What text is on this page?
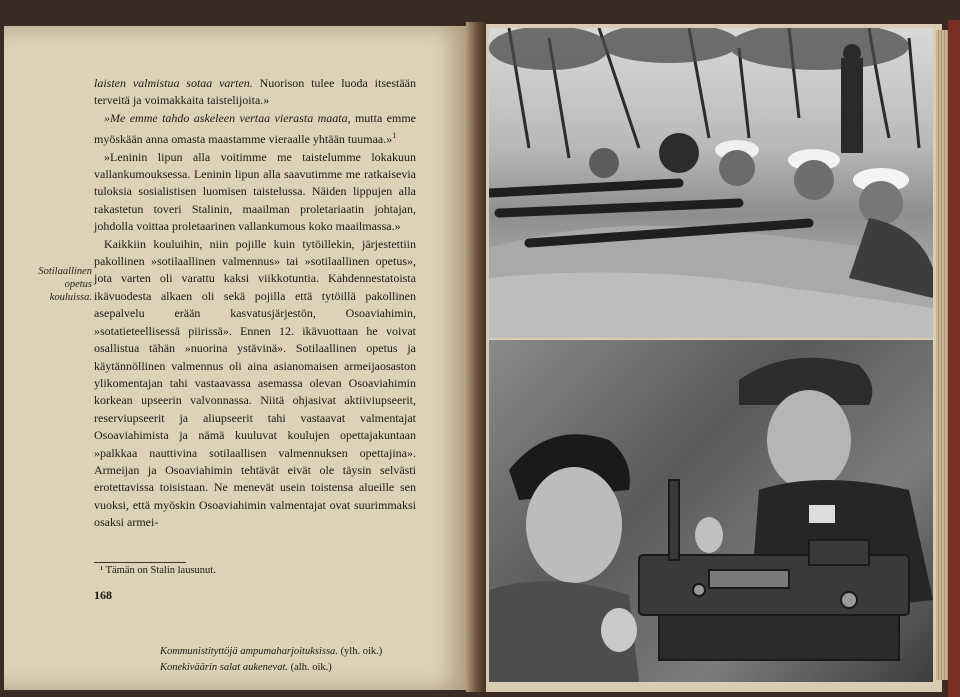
laisten valmistua sotaa varten. Nuorison tulee luoda itsestään terveitä ja voimakkaita taistelijoita.»

»Me emme tahdo askeleen vertaa vierasta maata, mutta emme myöskään anna omasta maastamme vieraalle yhtään tuumaa.»$^1$

»Leninin lipun alla voitimme me taistelumme lokakuun vallankumouksessa. Leninin lipun alla saavutimme me ratkaisevia tuloksia sosialistisen luomisen taistelussa. Näiden lippujen alla rakastetun toveri Stalinin, maailman proletariaatin johtajan, johdolla voittaa proletaarinen vallankumous koko maailmassa.»

Kaikkiin kouluihin, niin pojille kuin tytöillekin, järjestettiin pakollinen »sotilaallinen valmennus» tai »sotilaallinen opetus», jota varten oli varattu kaksi viikkotuntia. Kahdennestatoista ikävuodesta alkaen oli sekä pojilla että tytöillä pakollinen asepalvelu erään kasvatusjärjestön, Osoaviahimin, »sotatieteellisessä piirissä». Ennen 12. ikävuottaan he voivat osallistua tähän »nuorina ystävinä». Sotilaallinen opetus ja käytännöllinen valmennus oli aina asianomaisen armeijaosaston ylikomentajan tahi vastaavassa asemassa olevan Osoaviahimin korkean upseerin valvonnassa. Niitä ohjasivat aktiiviupseerit, reserviupseerit ja aliupseerit tahi vastaavat valmentajat Osoaviahimista ja nämä kuuluvat koulujen opettajakuntaan »palkkaa nauttivina sotilaallisen valmennuksen opettajina». Armeijan ja Osoaviahimin tehtävät eivät ole täysin selvästi erotettavissa toisistaan. Ne menevät usein toistensa alueille sen vuoksi, että myöskin Osoaviahimin valmentajat ovat suurimmaksi osaksi armei-

Sotilaallinen opetus kouluissa.
¹ Tämän on Stalin lausunut.
168
Kommunistityttöjä ampumaharjoituksissa. (ylh. oik.)
Konekiväärin salat aukenevat. (alh. oik.)
